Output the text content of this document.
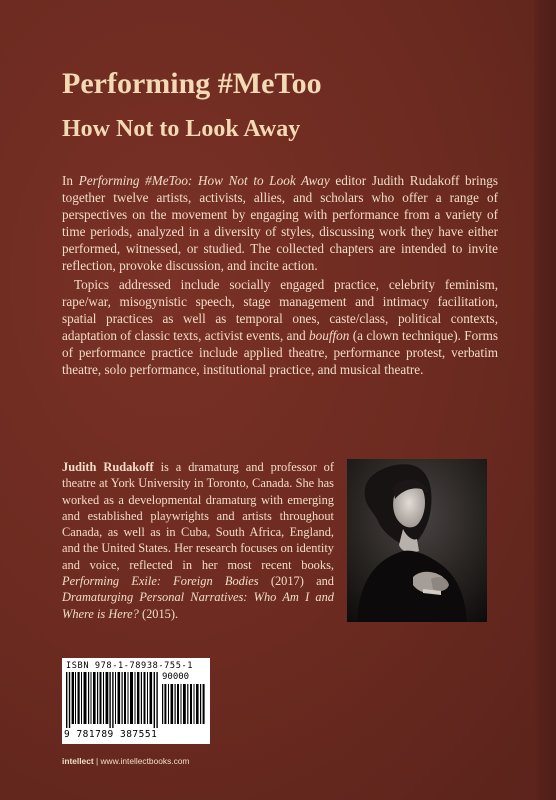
Performing #MeToo
How Not to Look Away

In Performing #MeToo: How Not to Look Away editor Judith Rudakoff brings together twelve artists, activists, allies, and scholars who offer a range of perspectives on the movement by engaging with performance from a variety of time periods, analyzed in a diversity of styles, discussing work they have either performed, witnessed, or studied. The collected chapters are intended to invite reflection, provoke discussion, and incite action.

Topics addressed include socially engaged practice, celebrity feminism, rape/war, misogynistic speech, stage management and intimacy facilitation, spatial practices as well as temporal ones, caste/class, political contexts, adaptation of classic texts, activist events, and bouffon (a clown technique). Forms of performance practice include applied theatre, performance protest, verbatim theatre, solo performance, institutional practice, and musical theatre.

Judith Rudakoff is a dramaturg and professor of theatre at York University in Toronto, Canada. She has worked as a developmental dramaturg with emerging and established playwrights and artists throughout Canada, as well as in Cuba, South Africa, England, and the United States. Her research focuses on identity and voice, reflected in her most recent books, Performing Exile: Foreign Bodies (2017) and Dramaturging Personal Narratives: Who Am I and Where is Here? (2015).

ISBN 978-1-78938-755-1
90000
9 781789 387551
intellect | www.intellectbooks.com
